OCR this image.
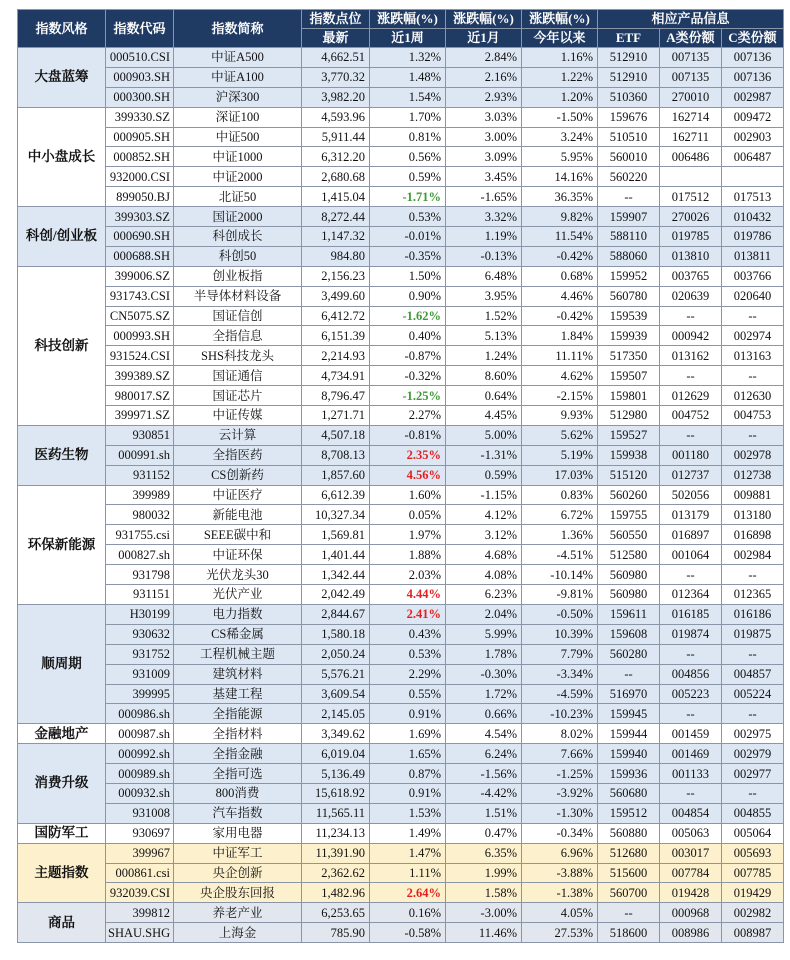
指数风格	指数代码	指数简称	指数点位	涨跌幅(%)	涨跌幅(%)	涨跌幅(%)	相应产品信息		
			最新	近1周	近1月	今年以来	ETF	A类份额	C类份额
大盘蓝筹	000510.CSI	中证A500	4,662.51	1.32%	2.84%	1.16%	512910	007135	007136
	000903.SH	中证A100	3,770.32	1.48%	2.16%	1.22%	512910	007135	007136
	000300.SH	沪深300	3,982.20	1.54%	2.93%	1.20%	510360	270010	002987
中小盘成长	399330.SZ	深证100	4,593.96	1.70%	3.03%	-1.50%	159676	162714	009472
	000905.SH	中证500	5,911.44	0.81%	3.00%	3.24%	510510	162711	002903
	000852.SH	中证1000	6,312.20	0.56%	3.09%	5.95%	560010	006486	006487
	932000.CSI	中证2000	2,680.68	0.59%	3.45%	14.16%	560220		
	899050.BJ	北证50	1,415.04	-1.71%	-1.65%	36.35%	--	017512	017513
科创/创业板	399303.SZ	国证2000	8,272.44	0.53%	3.32%	9.82%	159907	270026	010432
	000690.SH	科创成长	1,147.32	-0.01%	1.19%	11.54%	588110	019785	019786
	000688.SH	科创50	984.80	-0.35%	-0.13%	-0.42%	588060	013810	013811
科技创新	399006.SZ	创业板指	2,156.23	1.50%	6.48%	0.68%	159952	003765	003766
	931743.CSI	半导体材料设备	3,499.60	0.90%	3.95%	4.46%	560780	020639	020640
	CN5075.SZ	国证信创	6,412.72	-1.62%	1.52%	-0.42%	159539	--	--
	000993.SH	全指信息	6,151.39	0.40%	5.13%	1.84%	159939	000942	002974
	931524.CSI	SHS科技龙头	2,214.93	-0.87%	1.24%	11.11%	517350	013162	013163
	399389.SZ	国证通信	4,734.91	-0.32%	8.60%	4.62%	159507	--	--
	980017.SZ	国证芯片	8,796.47	-1.25%	0.64%	-2.15%	159801	012629	012630
	399971.SZ	中证传媒	1,271.71	2.27%	4.45%	9.93%	512980	004752	004753
医药生物	930851	云计算	4,507.18	-0.81%	5.00%	5.62%	159527	--	--
	000991.sh	全指医药	8,708.13	2.35%	-1.31%	5.19%	159938	001180	002978
	931152	CS创新药	1,857.60	4.56%	0.59%	17.03%	515120	012737	012738
环保新能源	399989	中证医疗	6,612.39	1.60%	-1.15%	0.83%	560260	502056	009881
	980032	新能电池	10,327.34	0.05%	4.12%	6.72%	159755	013179	013180
	931755.csi	SEEE碳中和	1,569.81	1.97%	3.12%	1.36%	560550	016897	016898
	000827.sh	中证环保	1,401.44	1.88%	4.68%	-4.51%	512580	001064	002984
	931798	光伏龙头30	1,342.44	2.03%	4.08%	-10.14%	560980	--	--
	931151	光伏产业	2,042.49	4.44%	6.23%	-9.81%	560980	012364	012365
顺周期	H30199	电力指数	2,844.67	2.41%	2.04%	-0.50%	159611	016185	016186
	930632	CS稀金属	1,580.18	0.43%	5.99%	10.39%	159608	019874	019875
	931752	工程机械主题	2,050.24	0.53%	1.78%	7.79%	560280	--	--
	931009	建筑材料	5,576.21	2.29%	-0.30%	-3.34%	--	004856	004857
	399995	基建工程	3,609.54	0.55%	1.72%	-4.59%	516970	005223	005224
	000986.sh	全指能源	2,145.05	0.91%	0.66%	-10.23%	159945	--	--
金融地产	000987.sh	全指材料	3,349.62	1.69%	4.54%	8.02%	159944	001459	002975
消费升级	000992.sh	全指金融	6,019.04	1.65%	6.24%	7.66%	159940	001469	002979
	000989.sh	全指可选	5,136.49	0.87%	-1.56%	-1.25%	159936	001133	002977
	000932.sh	800消费	15,618.92	0.91%	-4.42%	-3.92%	560680	--	--
	931008	汽车指数	11,565.11	1.53%	1.51%	-1.30%	159512	004854	004855
国防军工	930697	家用电器	11,234.13	1.49%	0.47%	-0.34%	560880	005063	005064
主题指数	399967	中证军工	11,391.90	1.47%	6.35%	6.96%	512680	003017	005693
	000861.csi	央企创新	2,362.62	1.11%	1.99%	-3.88%	515600	007784	007785
	932039.CSI	央企股东回报	1,482.96	2.64%	1.58%	-1.38%	560700	019428	019429
商品	399812	养老产业	6,253.65	0.16%	-3.00%	4.05%	--	000968	002982
	SHAU.SHG	上海金	785.90	-0.58%	11.46%	27.53%	518600	008986	008987
